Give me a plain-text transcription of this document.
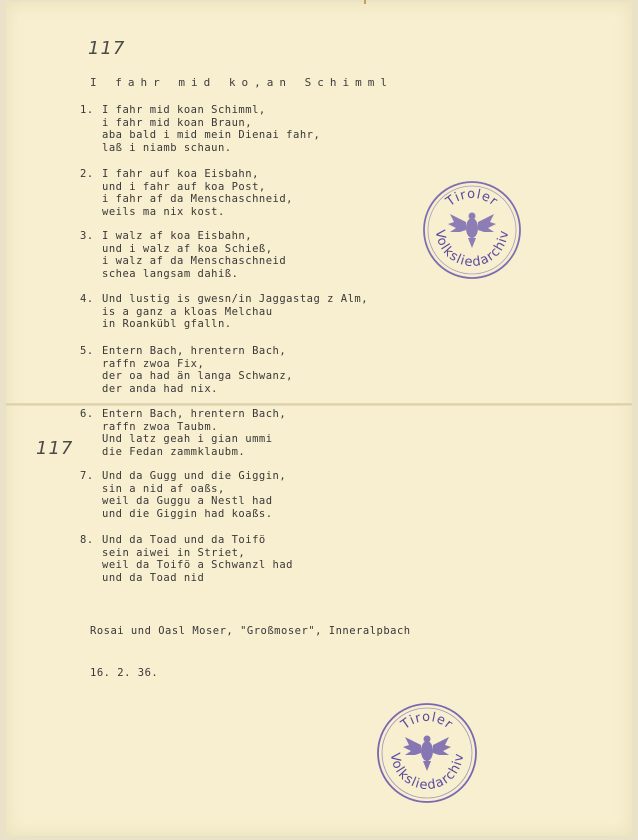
117
117
I fahr mid ko,an Schimml
1. I fahr mid koan Schimml,
i fahr mid koan Braun,
aba bald i mid mein Dienai fahr,
laß i niamb schaun.
2. I fahr auf koa Eisbahn,
und i fahr auf koa Post,
i fahr af da Menschaschneid,
weils ma nix kost.
3. I walz af koa Eisbahn,
und i walz af koa Schieß,
i walz af da Menschaschneid
schea langsam dahiß.
4. Und lustig is gwesn/in Jaggastag z Alm,
is a ganz a kloas Melchau
in Roankübl gfalln.
5. Entern Bach, hrentern Bach,
raffn zwoa Fix,
der oa had än langa Schwanz,
der anda had nix.
6. Entern Bach, hrentern Bach,
raffn zwoa Taubm.
Und latz geah i gian ummi
die Fedan zammklaubm.
7. Und da Gugg und die Giggin,
sin a nid af oaßs,
weil da Guggu a Nestl had
und die Giggin had koaßs.
8. Und da Toad und da Toifö
sein aiwei in Striet,
weil da Toifö a Schwanzl had
und da Toad nid

Rosai und Oasl Moser, "Großmoser", Inneralpbach

16. 2. 36.

Tiroler
Volksliedarchiv
Tiroler
Volksliedarchiv
